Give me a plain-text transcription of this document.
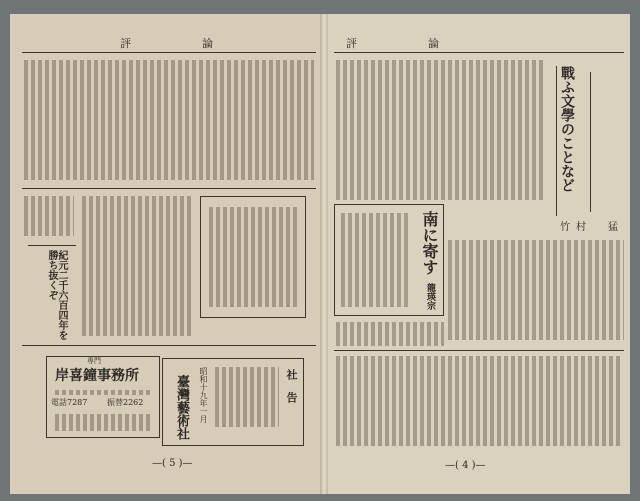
評　論
紀元二千六百四年を勝ち抜くぞ
専門
岸喜鐘事務所
電話7287 振替2262	社告
昭和十九年一月
臺灣藝術社
—( 5 )—
評　論
戰ふ文學のことなど
竹村　猛
南に寄す
龍瑛宗
—( 4 )—
